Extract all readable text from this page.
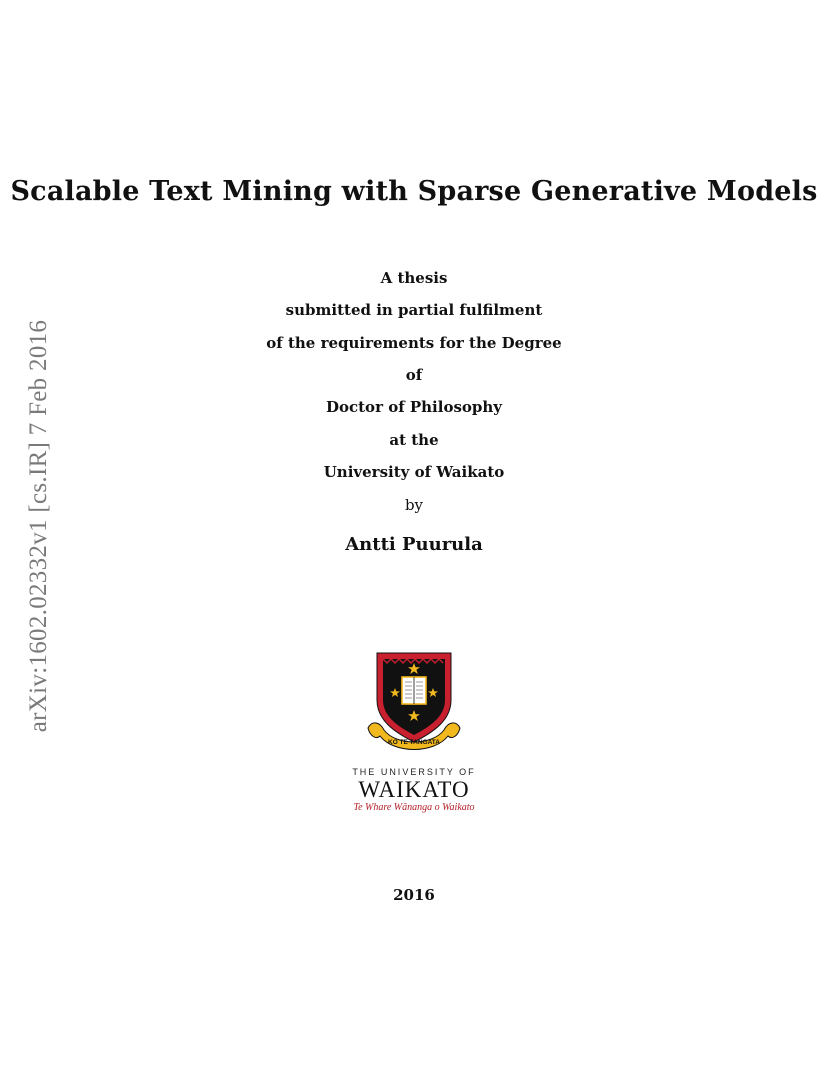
arXiv:1602.02332v1 [cs.IR] 7 Feb 2016
Scalable Text Mining with Sparse Generative Models
A thesis
submitted in partial fulfilment
of the requirements for the Degree
of
Doctor of Philosophy
at the
University of Waikato
by
Antti Puurula
KO TE TANGATA
THE UNIVERSITY OF
WAIKATO
Te Whare Wānanga o Waikato
2016
